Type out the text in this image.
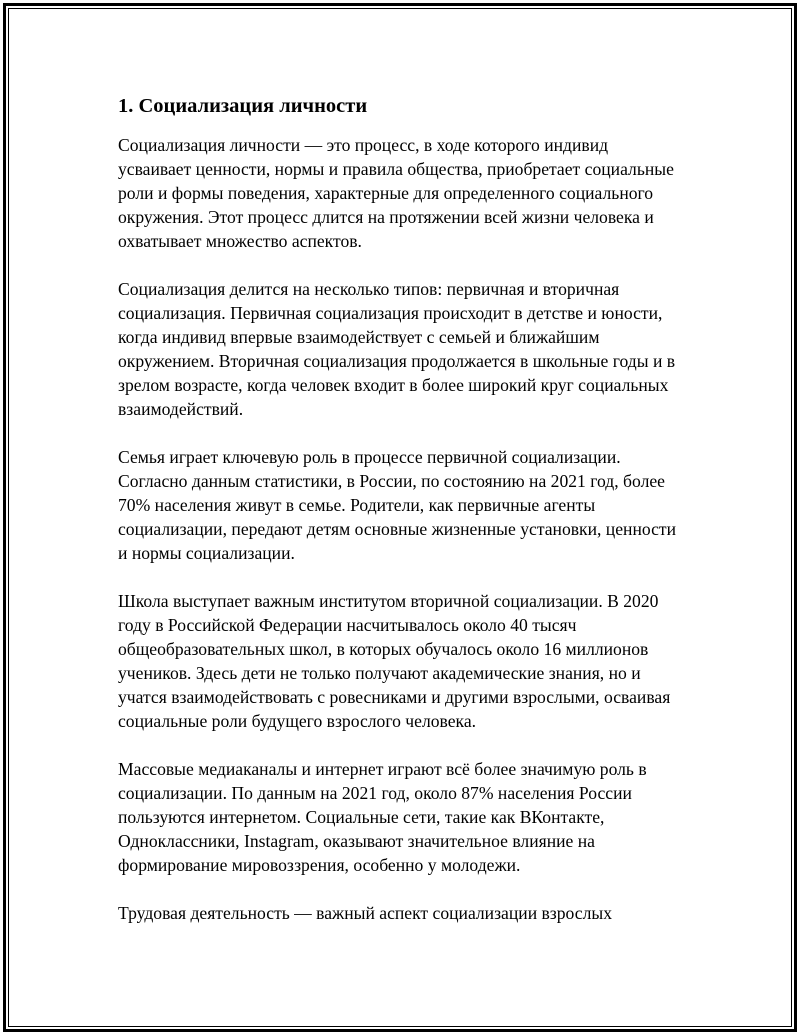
1. Социализация личности

Социализация личности — это процесс, в ходе которого индивид усваивает ценности, нормы и правила общества, приобретает социальные роли и формы поведения, характерные для определенного социального окружения. Этот процесс длится на протяжении всей жизни человека и охватывает множество аспектов.

Социализация делится на несколько типов: первичная и вторичная социализация. Первичная социализация происходит в детстве и юности, когда индивид впервые взаимодействует с семьей и ближайшим окружением. Вторичная социализация продолжается в школьные годы и в зрелом возрасте, когда человек входит в более широкий круг социальных взаимодействий.

Семья играет ключевую роль в процессе первичной социализации. Согласно данным статистики, в России, по состоянию на 2021 год, более 70% населения живут в семье. Родители, как первичные агенты социализации, передают детям основные жизненные установки, ценности и нормы социализации.

Школа выступает важным институтом вторичной социализации. В 2020 году в Российской Федерации насчитывалось около 40 тысяч общеобразовательных школ, в которых обучалось около 16 миллионов учеников. Здесь дети не только получают академические знания, но и учатся взаимодействовать с ровесниками и другими взрослыми, осваивая социальные роли будущего взрослого человека.

Массовые медиаканалы и интернет играют всё более значимую роль в социализации. По данным на 2021 год, около 87% населения России пользуются интернетом. Социальные сети, такие как ВКонтакте, Одноклассники, Instagram, оказывают значительное влияние на формирование мировоззрения, особенно у молодежи.

Трудовая деятельность — важный аспект социализации взрослых
